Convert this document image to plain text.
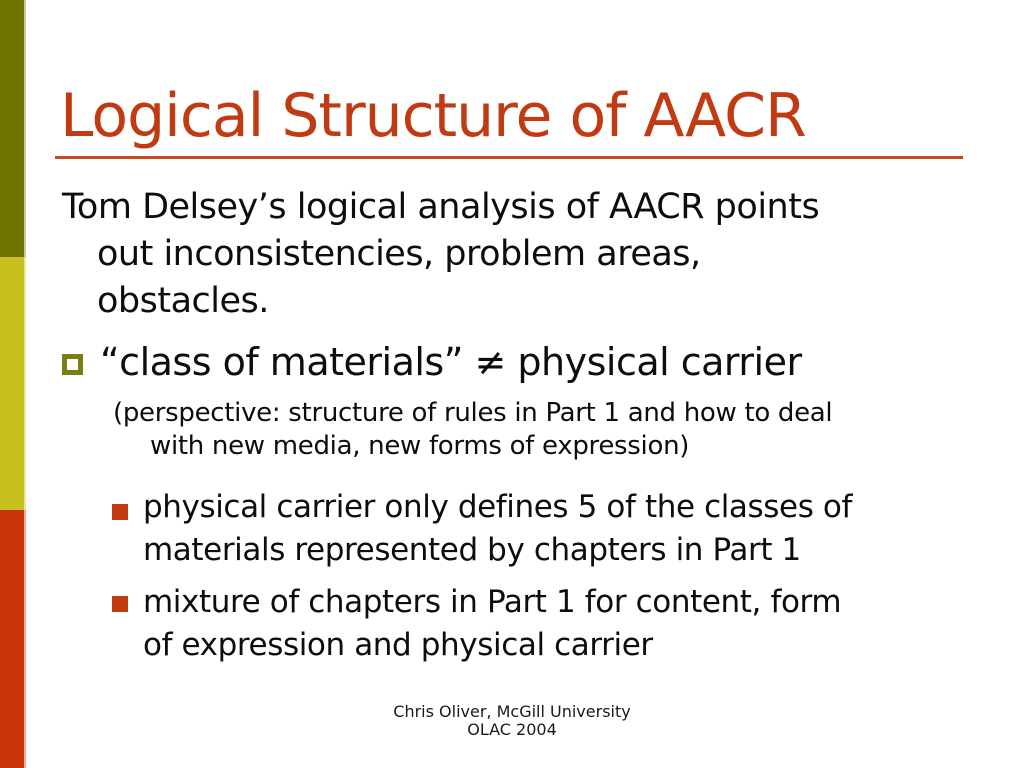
Logical Structure of AACR
Tom Delsey’s logical analysis of AACR points
out inconsistencies, problem areas,
obstacles.
“class of materials” ≠ physical carrier
(perspective: structure of rules in Part 1 and how to deal
with new media, new forms of expression)
physical carrier only defines 5 of the classes of
materials represented by chapters in Part 1
mixture of chapters in Part 1 for content, form
of expression and physical carrier
Chris Oliver, McGill University
OLAC 2004
